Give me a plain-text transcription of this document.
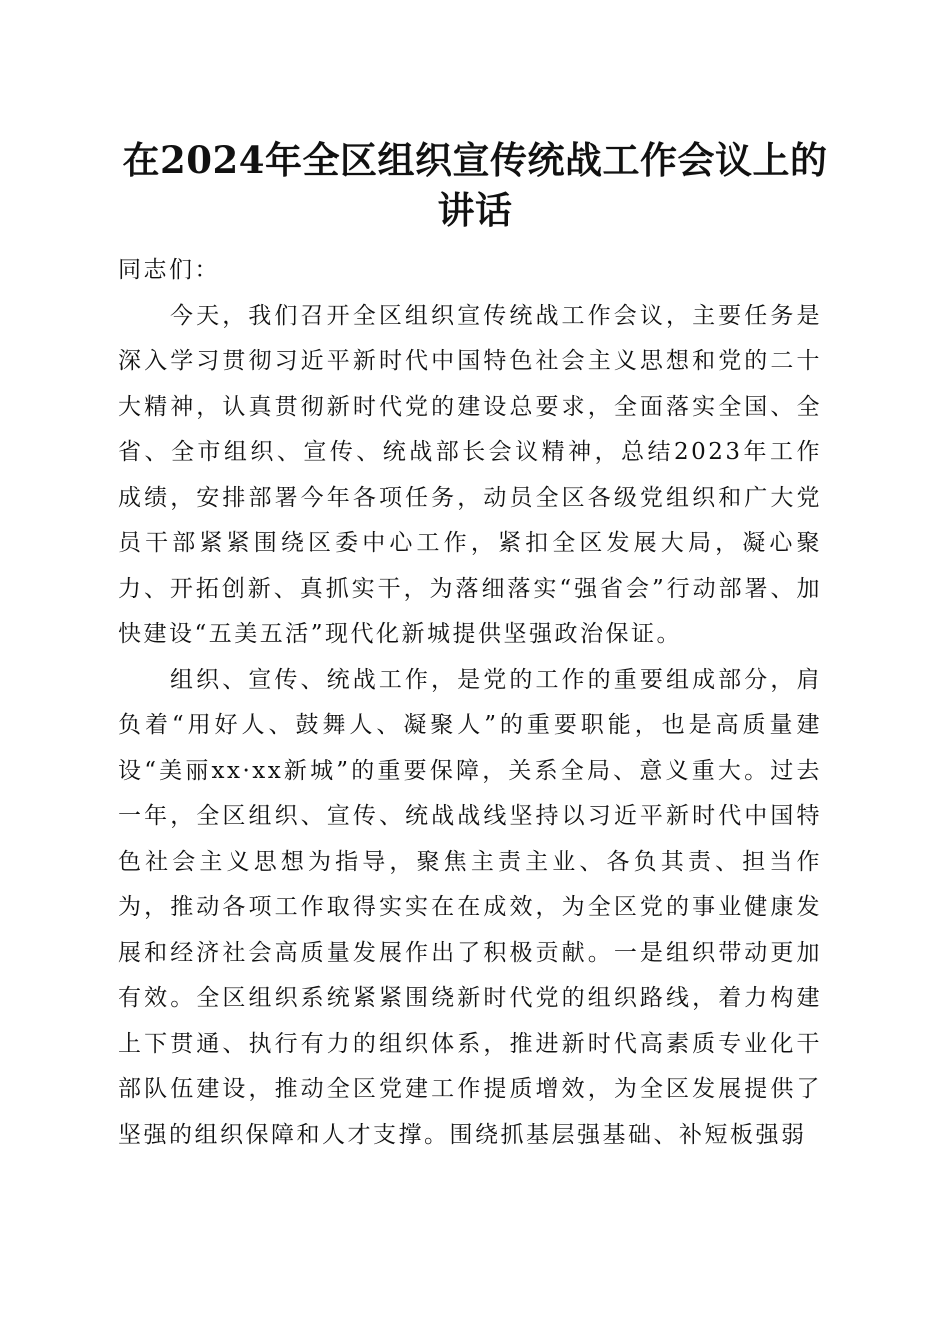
在2024年全区组织宣传统战工作会议上的讲话

同志们：

今天，我们召开全区组织宣传统战工作会议，主要任务是深入学习贯彻习近平新时代中国特色社会主义思想和党的二十大精神，认真贯彻新时代党的建设总要求，全面落实全国、全省、全市组织、宣传、统战部长会议精神，总结2023年工作成绩，安排部署今年各项任务，动员全区各级党组织和广大党员干部紧紧围绕区委中心工作，紧扣全区发展大局，凝心聚力、开拓创新、真抓实干，为落细落实“强省会”行动部署、加快建设“五美五活”现代化新城提供坚强政治保证。

组织、宣传、统战工作，是党的工作的重要组成部分，肩负着“用好人、鼓舞人、凝聚人”的重要职能，也是高质量建设“美丽xx·xx新城”的重要保障，关系全局、意义重大。过去一年，全区组织、宣传、统战战线坚持以习近平新时代中国特色社会主义思想为指导，聚焦主责主业、各负其责、担当作为，推动各项工作取得实实在在成效，为全区党的事业健康发展和经济社会高质量发展作出了积极贡献。一是组织带动更加有效。全区组织系统紧紧围绕新时代党的组织路线，着力构建上下贯通、执行有力的组织体系，推进新时代高素质专业化干部队伍建设，推动全区党建工作提质增效，为全区发展提供了坚强的组织保障和人才支撑。围绕抓基层强基础、补短板强弱
